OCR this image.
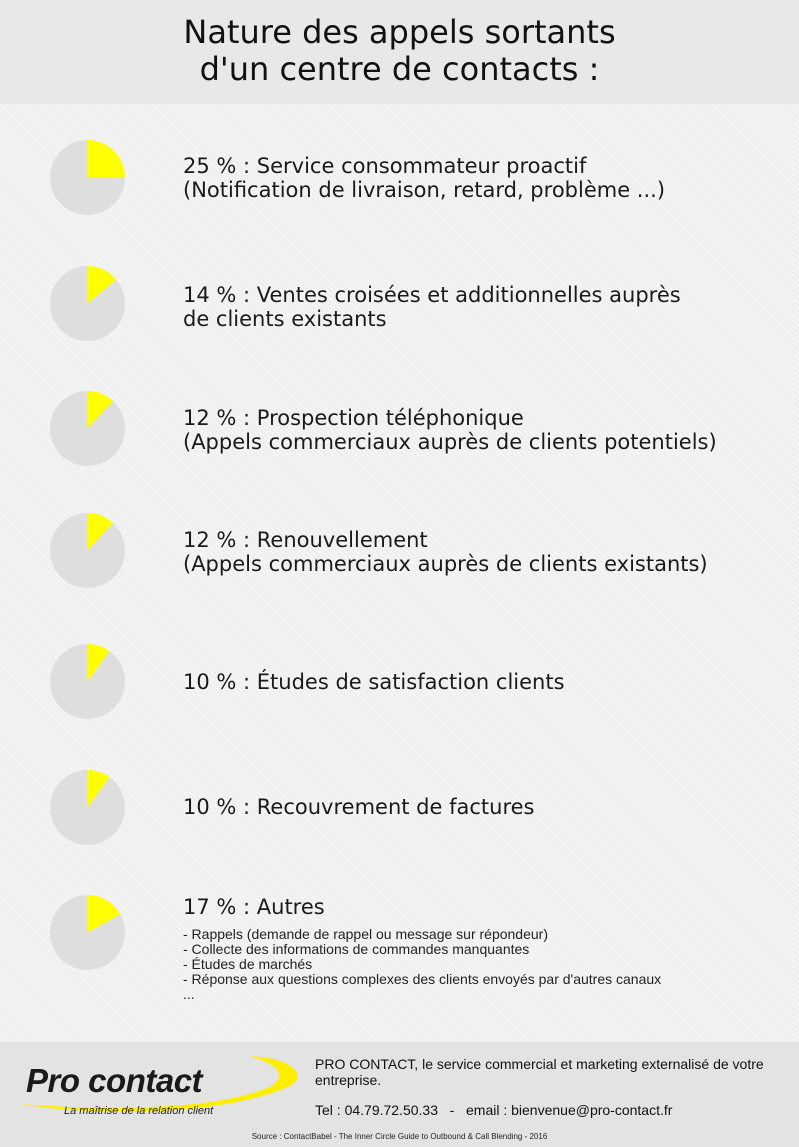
Nature des appels sortants
d'un centre de contacts :
25 % : Service consommateur proactif
(Notification de livraison, retard, problème ...)
14 % : Ventes croisées et additionnelles auprès
de clients existants
12 % : Prospection téléphonique
(Appels commerciaux auprès de clients potentiels)
12 % : Renouvellement
(Appels commerciaux auprès de clients existants)
10 % : Études de satisfaction clients
10 % : Recouvrement de factures
17 % : Autres
- Rappels (demande de rappel ou message sur répondeur)
- Collecte des informations de commandes manquantes
- Études de marchés
- Réponse aux questions complexes des clients envoyés par d'autres canaux
...
Pro contact
La maîtrise de la relation client
PRO CONTACT, le service commercial et marketing externalisé de votre entreprise.
Tel : 04.79.72.50.33   -   email : bienvenue@pro-contact.fr
Source : ContactBabel - The Inner Circle Guide to Outbound & Call Blending - 2016
